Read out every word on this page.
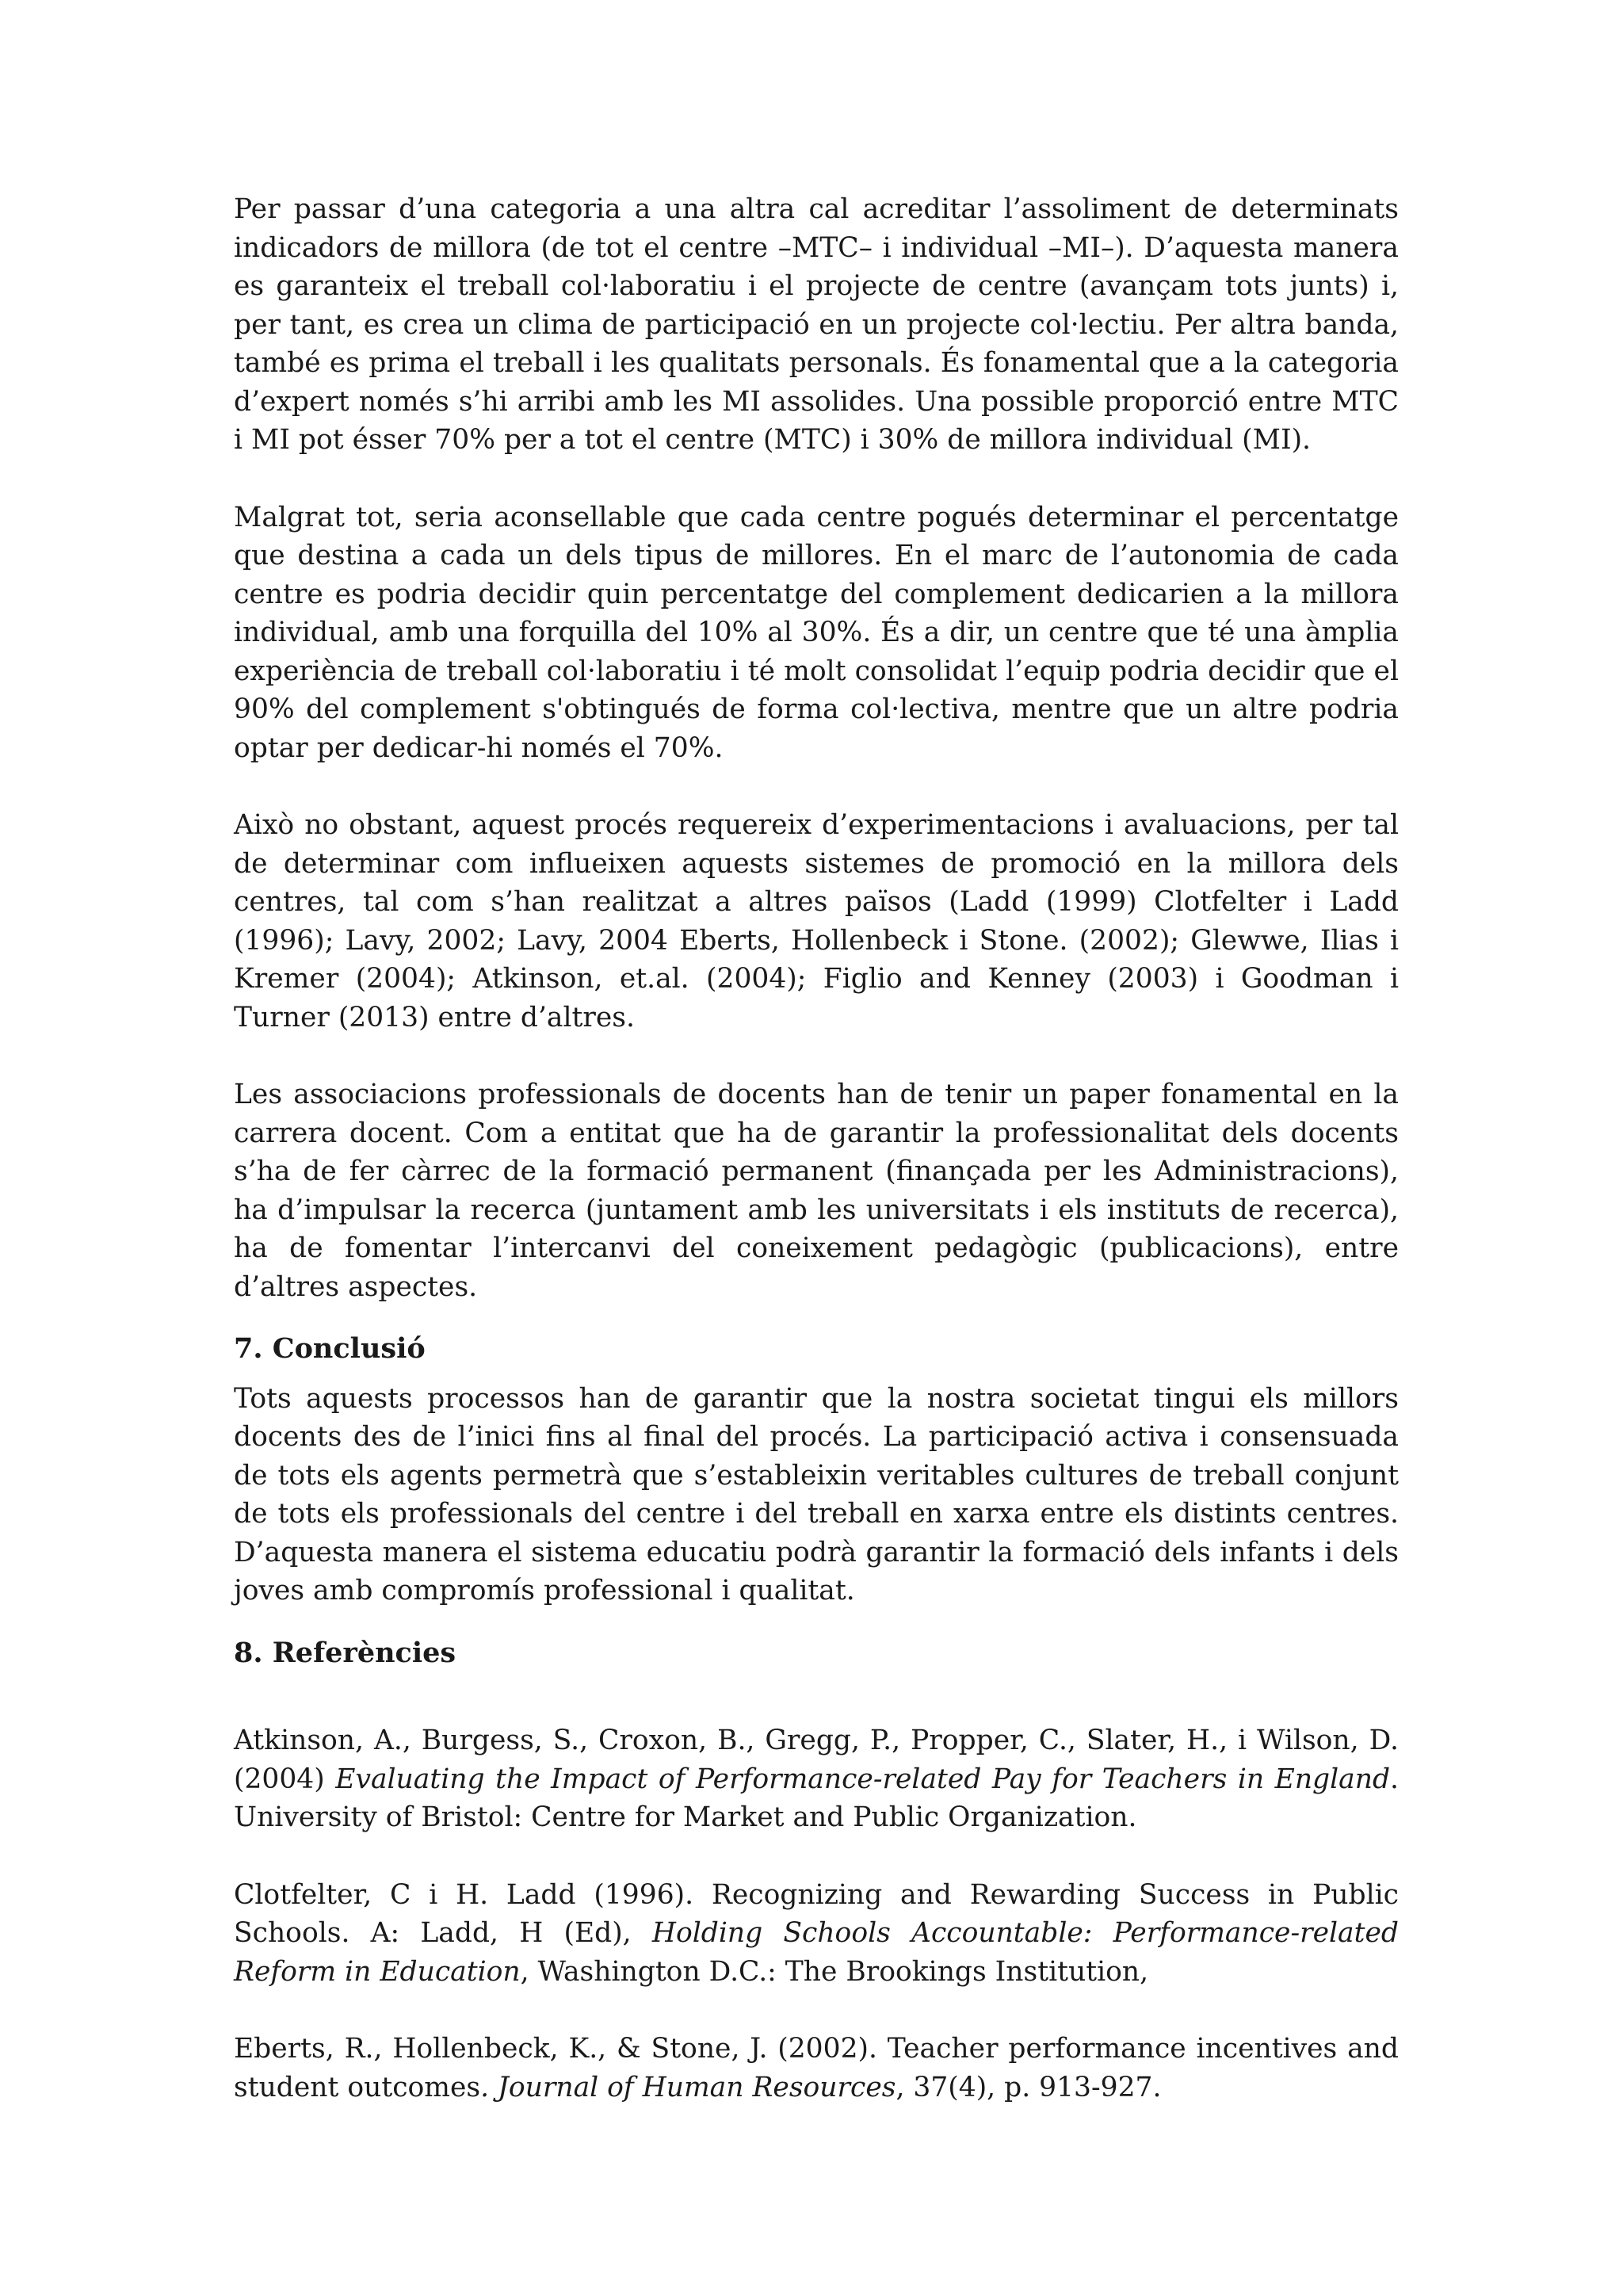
Per passar d’una categoria a una altra cal acreditar l’assoliment de determinats indicadors de millora (de tot el centre –MTC– i individual –MI–). D’aquesta manera es garanteix el treball col·laboratiu i el projecte de centre (avançam tots junts) i, per tant, es crea un clima de participació en un projecte col·lectiu. Per altra banda, també es prima el treball i les qualitats personals. És fonamental que a la categoria d’expert només s’hi arribi amb les MI assolides. Una possible proporció entre MTC i MI pot ésser 70% per a tot el centre (MTC) i 30% de millora individual (MI).

Malgrat tot, seria aconsellable que cada centre pogués determinar el percentatge que destina a cada un dels tipus de millores. En el marc de l’autonomia de cada centre es podria decidir quin percentatge del complement dedicarien a la millora individual, amb una forquilla del 10% al 30%. És a dir, un centre que té una àmplia experiència de treball col·laboratiu i té molt consolidat l’equip podria decidir que el 90% del complement s'obtingués de forma col·lectiva, mentre que un altre podria optar per dedicar-hi només el 70%.

Això no obstant, aquest procés requereix d’experimentacions i avaluacions, per tal de determinar com influeixen aquests sistemes de promoció en la millora dels centres, tal com s’han realitzat a altres països (Ladd (1999) Clotfelter i Ladd (1996); Lavy, 2002; Lavy, 2004 Eberts, Hollenbeck i Stone. (2002); Glewwe, Ilias i Kremer (2004); Atkinson, et.al. (2004); Figlio and Kenney (2003) i Goodman i Turner (2013) entre d’altres.

Les associacions professionals de docents han de tenir un paper fonamental en la carrera docent. Com a entitat que ha de garantir la professionalitat dels docents s’ha de fer càrrec de la formació permanent (finançada per les Administracions), ha d’impulsar la recerca (juntament amb les universitats i els instituts de recerca), ha de fomentar l’intercanvi del coneixement pedagògic (publicacions), entre d’altres aspectes.

7. Conclusió

Tots aquests processos han de garantir que la nostra societat tingui els millors docents des de l’inici fins al final del procés. La participació activa i consensuada de tots els agents permetrà que s’estableixin veritables cultures de treball conjunt de tots els professionals del centre i del treball en xarxa entre els distints centres. D’aquesta manera el sistema educatiu podrà garantir la formació dels infants i dels joves amb compromís professional i qualitat.

8. Referències

Atkinson, A., Burgess, S., Croxon, B., Gregg, P., Propper, C., Slater, H., i Wilson, D. (2004) Evaluating the Impact of Performance-related Pay for Teachers in England. University of Bristol: Centre for Market and Public Organization.

Clotfelter, C i H. Ladd (1996). Recognizing and Rewarding Success in Public Schools. A: Ladd, H (Ed), Holding Schools Accountable: Performance-related Reform in Education, Washington D.C.: The Brookings Institution,

Eberts, R., Hollenbeck, K., & Stone, J. (2002). Teacher performance incentives and student outcomes. Journal of Human Resources, 37(4), p. 913-927.
